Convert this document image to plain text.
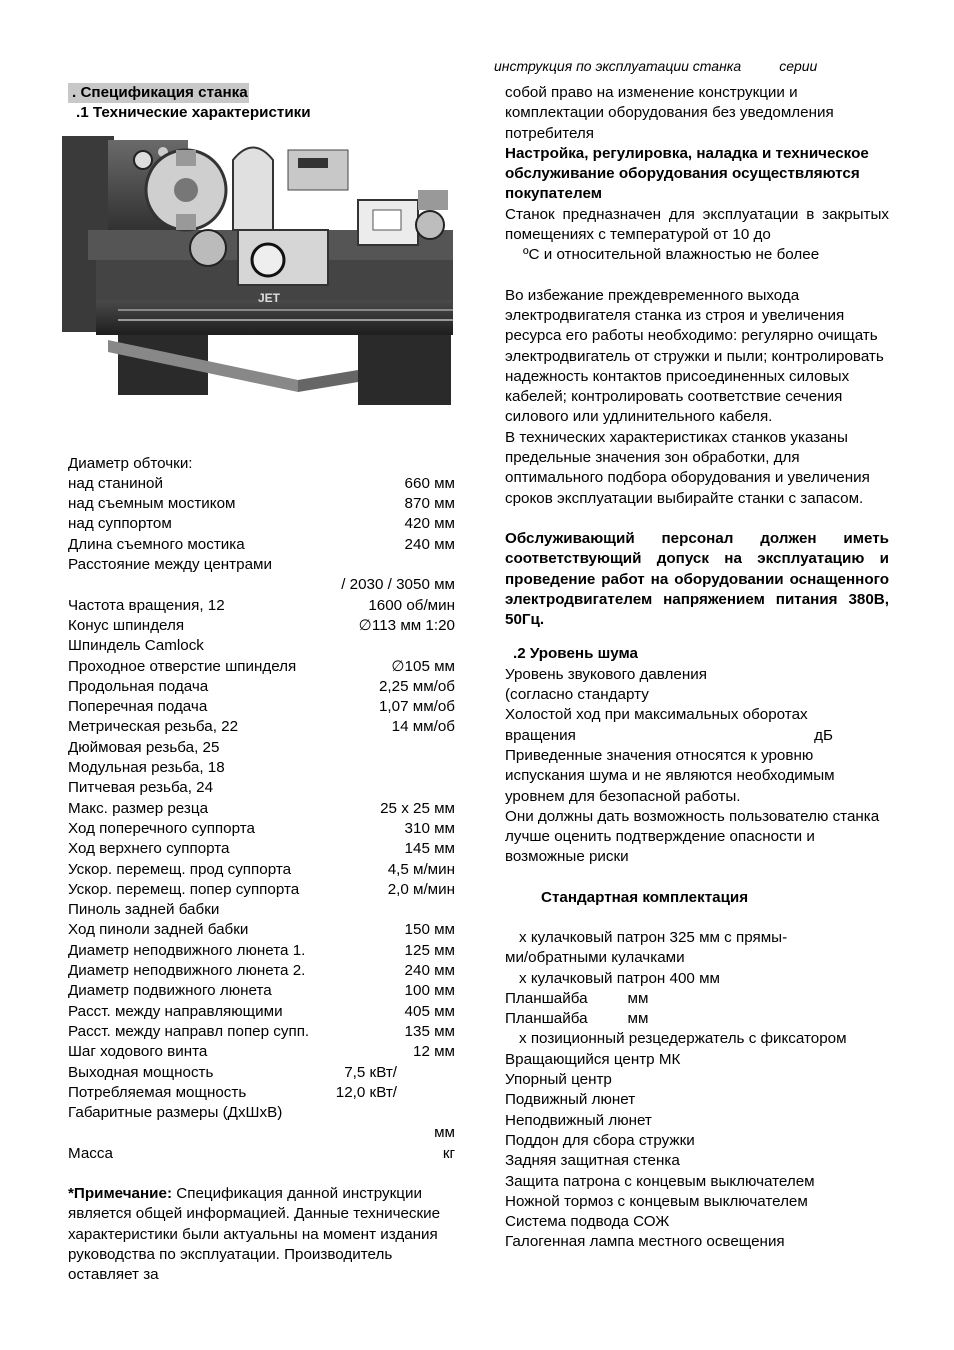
инструкция по эксплуатации станка	серии
. Спецификация станка
.1 Технические характеристики
JET
Диаметр обточки:
над станиной	660 мм
над съемным мостиком	870 мм
над суппортом	420 мм
Длина съемного мостика	240 мм
Расстояние между центрами
/ 2030 / 3050 мм
Частота вращения, 12	1600 об/мин
Конус шпинделя	∅113 мм 1:20
Шпиндель Camlock
Проходное отверстие шпинделя	∅105 мм
Продольная подача	2,25 мм/об
Поперечная подача	1,07 мм/об
Метрическая резьба, 22	14 мм/об
Дюймовая резьба, 25
Модульная резьба, 18
Питчевая резьба, 24
Макс. размер резца	25 х 25 мм
Ход поперечного суппорта	310 мм
Ход верхнего суппорта	145 мм
Ускор. перемещ. прод суппорта	4,5 м/мин
Ускор. перемещ. попер суппорта	2,0 м/мин
Пиноль задней бабки
Ход пиноли задней бабки	150 мм
Диаметр неподвижного люнета 1.	125 мм
Диаметр неподвижного люнета 2.	240 мм
Диаметр подвижного люнета	100 мм
Расст. между направляющими	405 мм
Расст. между направл попер супп.	135 мм
Шаг ходового винта	12 мм
Выходная мощность	7,5 кВт/
Потребляемая мощность	12,0 кВт/
Габаритные размеры (ДхШхВ)
мм
Масса	кг
*Примечание: Спецификация данной инструкции является общей информацией. Данные технические характеристики были актуальны на момент издания руководства по эксплуатации. Производитель оставляет за
собой право на изменение конструкции и комплектации оборудования без уведомления потребителя
Настройка, регулировка, наладка и техническое обслуживание оборудования осуществляются покупателем
Станок предназначен для эксплуатации в закрытых помещениях с температурой от 10 до
ºС и относительной влажностью не более
Во избежание преждевременного выхода электродвигателя станка из строя и увеличения ресурса его работы необходимо: регулярно очищать электродвигатель от стружки и пыли; контролировать надежность контактов присоединенных силовых кабелей; контролировать соответствие сечения силового или удлинительного кабеля.
В технических характеристиках станков указаны предельные значения зон обработки, для оптимального подбора оборудования и увеличения сроков эксплуатации выбирайте станки с запасом.
Обслуживающий персонал должен иметь соответствующий допуск на эксплуатацию и проведение работ на оборудовании оснащенного электродвигателем напряжением питания 380В, 50Гц.
.2 Уровень шума
Уровень звукового давления
(согласно стандарту
Холостой ход при максимальных оборотах
вращения	дБ
Приведенные значения относятся к уровню испускания шума и не являются необходимым уровнем для безопасной работы.
Они должны дать возможность пользователю станка лучше оценить подтверждение опасности и возможные риски
Стандартная комплектация
х кулачковый патрон 325 мм с прямы-
ми/обратными кулачками
х кулачковый патрон 400 мм
Планшайба	мм
Планшайба	мм
х позиционный резцедержатель с фиксатором
Вращающийся центр МК
Упорный центр
Подвижный люнет
Неподвижный люнет
Поддон для сбора стружки
Задняя защитная стенка
Защита патрона с концевым выключателем
Ножной тормоз с концевым выключателем
Система подвода СОЖ
Галогенная лампа местного освещения
